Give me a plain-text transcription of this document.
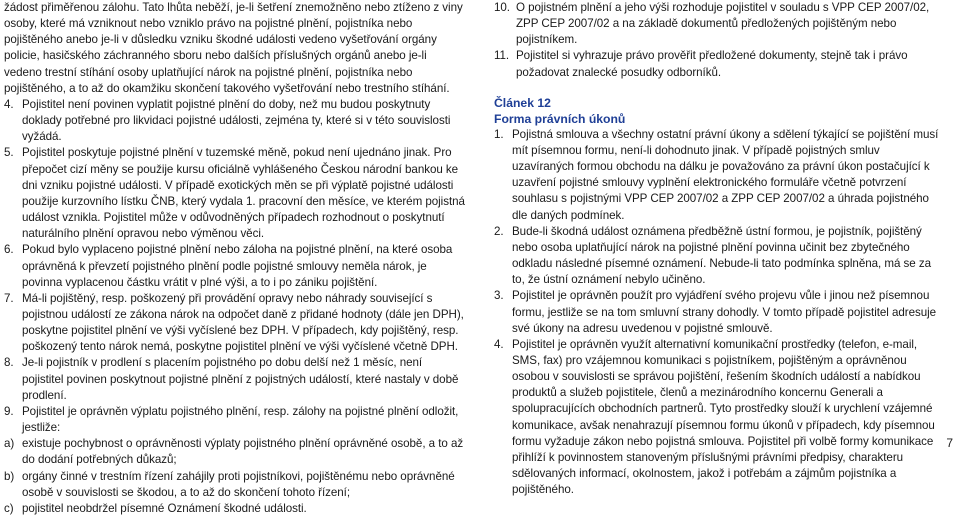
žádost přiměřenou zálohu. Tato lhůta neběží, je-li šetření znemožněno nebo ztíženo z viny osoby, které má vzniknout nebo vzniklo právo na pojistné plnění, pojistníka nebo pojištěného anebo je-li v důsledku vzniku škodné události vedeno vyšetřování orgány policie, hasičského záchranného sboru nebo dalších příslušných orgánů anebo je-li vedeno trestní stíhání osoby uplatňující nárok na pojistné plnění, pojistníka nebo pojištěného, a to až do okamžiku skončení takového vyšetřování nebo trestního stíhání.

4. Pojistitel není povinen vyplatit pojistné plnění do doby, než mu budou poskytnuty doklady potřebné pro likvidaci pojistné události, zejména ty, které si v této souvislosti vyžádá.
5. Pojistitel poskytuje pojistné plnění v tuzemské měně, pokud není ujednáno jinak. Pro přepočet cizí měny se použije kursu oficiálně vyhlášeného Českou národní bankou ke dni vzniku pojistné události. V případě exotických měn se při výplatě pojistné události použije kurzovního lístku ČNB, který vydala 1. pracovní den měsíce, ve kterém pojistná událost vznikla. Pojistitel může v odůvodněných případech rozhodnout o poskytnutí naturálního plnění opravou nebo výměnou věci.
6. Pokud bylo vyplaceno pojistné plnění nebo záloha na pojistné plnění, na které osoba oprávněná k převzetí pojistného plnění podle pojistné smlouvy neměla nárok, je povinna vyplacenou částku vrátit v plné výši, a to i po zániku pojištění.
7. Má-li pojištěný, resp. poškozený při provádění opravy nebo náhrady související s pojistnou událostí ze zákona nárok na odpočet daně z přidané hodnoty (dále jen DPH), poskytne pojistitel plnění ve výši vyčíslené bez DPH. V případech, kdy pojištěný, resp. poškozený tento nárok nemá, poskytne pojistitel plnění ve výši vyčíslené včetně DPH.
8. Je-li pojistník v prodlení s placením pojistného po dobu delší než 1 měsíc, není pojistitel povinen poskytnout pojistné plnění z pojistných událostí, které nastaly v době prodlení.
9. Pojistitel je oprávněn výplatu pojistného plnění, resp. zálohy na pojistné plnění odložit, jestliže:
a) existuje pochybnost o oprávněnosti výplaty pojistného plnění oprávněné osobě, a to až do dodání potřebných důkazů;
b) orgány činné v trestním řízení zahájily proti pojistníkovi, pojištěnému nebo oprávněné osobě v souvislosti se škodou, a to až do skončení tohoto řízení;
c) pojistitel neobdržel písemné Oznámení škodné události.
10. O pojistném plnění a jeho výši rozhoduje pojistitel v souladu s VPP CEP 2007/02, ZPP CEP 2007/02 a na základě dokumentů předložených pojištěným nebo pojistníkem.
11. Pojistitel si vyhrazuje právo prověřit předložené dokumenty, stejně tak i právo požadovat znalecké posudky odborníků.

Článek 12

Forma právních úkonů

1. Pojistná smlouva a všechny ostatní právní úkony a sdělení týkající se pojištění musí mít písemnou formu, není-li dohodnuto jinak. V případě pojistných smluv uzavíraných formou obchodu na dálku je považováno za právní úkon postačující k uzavření pojistné smlouvy vyplnění elektronického formuláře včetně potvrzení souhlasu s pojistnými VPP CEP 2007/02 a ZPP CEP 2007/02 a úhrada pojistného dle daných podmínek.
2. Bude-li škodná událost oznámena předběžně ústní formou, je pojistník, pojištěný nebo osoba uplatňující nárok na pojistné plnění povinna učinit bez zbytečného odkladu následné písemné oznámení. Nebude-li tato podmínka splněna, má se za to, že ústní oznámení nebylo učiněno.
3. Pojistitel je oprávněn použít pro vyjádření svého projevu vůle i jinou než písemnou formu, jestliže se na tom smluvní strany dohodly. V tomto případě pojistitel adresuje své úkony na adresu uvedenou v pojistné smlouvě.
4. Pojistitel je oprávněn využít alternativní komunikační prostředky (telefon, e-mail, SMS, fax) pro vzájemnou komunikaci s pojistníkem, pojištěným a oprávněnou osobou v souvislosti se správou pojištění, řešením škodních událostí a nabídkou produktů a služeb pojistitele, členů a mezinárodního koncernu Generali a spolupracujících obchodních partnerů. Tyto prostředky slouží k urychlení vzájemné komunikace, avšak nenahrazují písemnou formu úkonů v případech, kdy písemnou formu vyžaduje zákon nebo pojistná smlouva. Pojistitel při volbě formy komunikace přihlíží k povinnostem stanoveným příslušnými právními předpisy, charakteru sdělovaných informací, okolnostem, jakož i potřebám a zájmům pojistníka a pojištěného.
7
